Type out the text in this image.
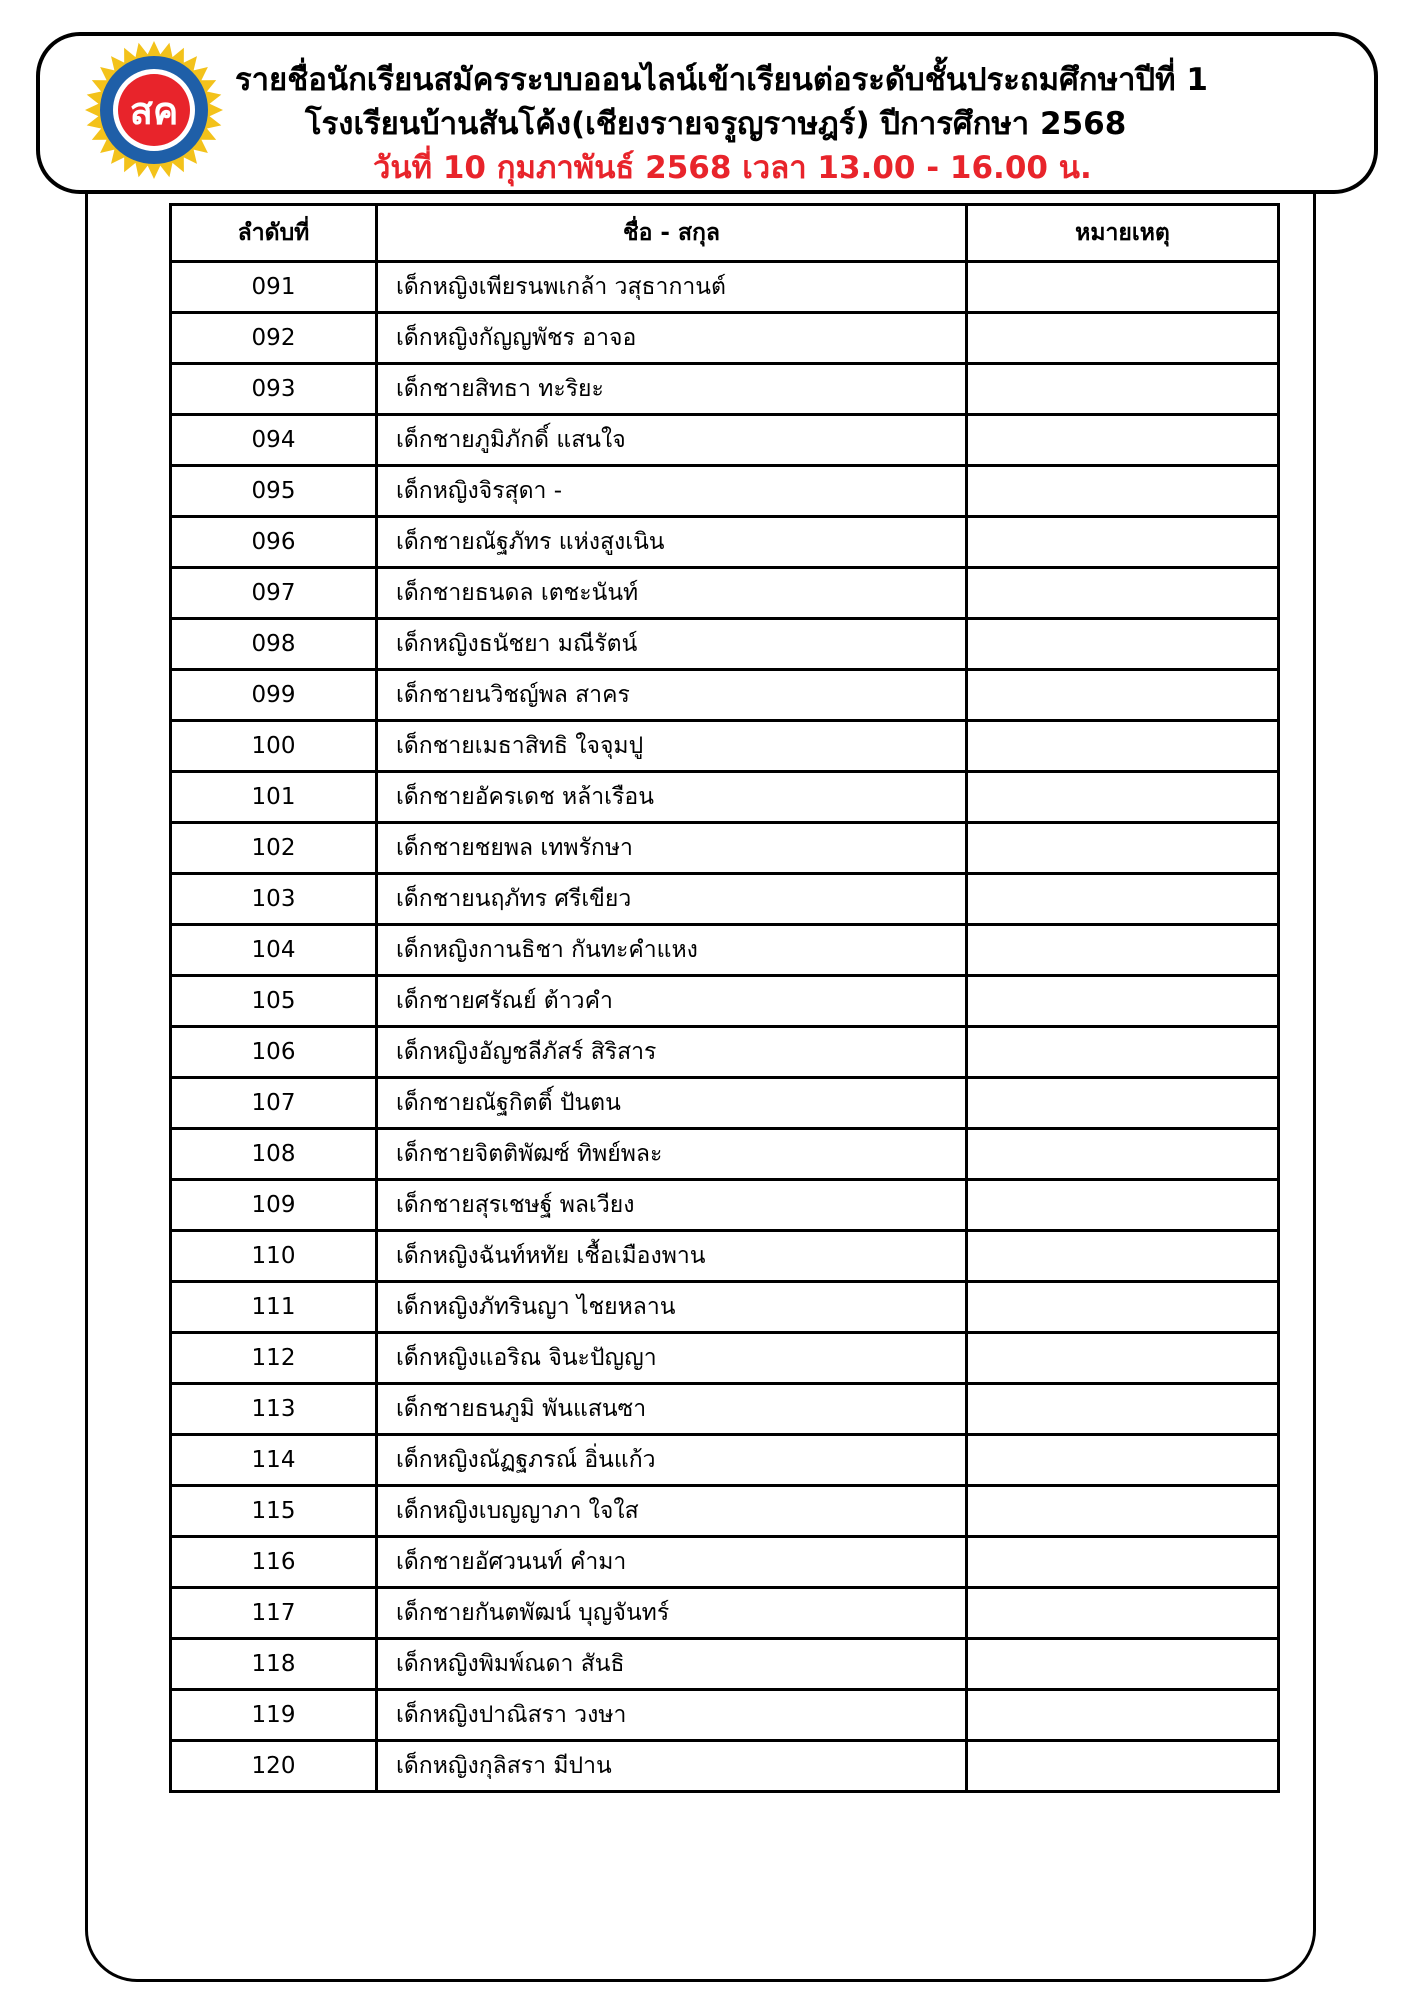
สค
รายชื่อนักเรียนสมัครระบบออนไลน์เข้าเรียนต่อระดับชั้นประถมศึกษาปีที่ 1
โรงเรียนบ้านสันโค้ง(เชียงรายจรูญราษฎร์) ปีการศึกษา 2568
วันที่ 10 กุมภาพันธ์ 2568 เวลา 13.00 - 16.00 น.
ลำดับที่	ชื่อ - สกุล	หมายเหตุ
091	เด็กหญิงเพียรนพเกล้า วสุธากานต์	
092	เด็กหญิงกัญญพัชร อาจอ	
093	เด็กชายสิทธา ทะริยะ	
094	เด็กชายภูมิภักดิ์ แสนใจ	
095	เด็กหญิงจิรสุดา -	
096	เด็กชายณัฐภัทร แห่งสูงเนิน	
097	เด็กชายธนดล เตชะนันท์	
098	เด็กหญิงธนัชยา มณีรัตน์	
099	เด็กชายนวิชญ์พล สาคร	
100	เด็กชายเมธาสิทธิ ใจจุมปู	
101	เด็กชายอัครเดช หล้าเรือน	
102	เด็กชายชยพล เทพรักษา	
103	เด็กชายนฤภัทร ศรีเขียว	
104	เด็กหญิงกานธิชา กันทะคำแหง	
105	เด็กชายศรัณย์ ต้าวคำ	
106	เด็กหญิงอัญชลีภัสร์ สิริสาร	
107	เด็กชายณัฐกิตติ์ ปันตน	
108	เด็กชายจิตติพัฒซ์ ทิพย์พละ	
109	เด็กชายสุรเชษฐ์ พลเวียง	
110	เด็กหญิงฉันท์หทัย เชื้อเมืองพาน	
111	เด็กหญิงภัทรินญา ไชยหลาน	
112	เด็กหญิงแอริณ จินะปัญญา	
113	เด็กชายธนภูมิ พันแสนซา	
114	เด็กหญิงณัฏฐภรณ์ อิ่นแก้ว	
115	เด็กหญิงเบญญาภา ใจใส	
116	เด็กชายอัศวนนท์ คำมา	
117	เด็กชายกันตพัฒน์ บุญจันทร์	
118	เด็กหญิงพิมพ์ณดา สันธิ	
119	เด็กหญิงปาณิสรา วงษา	
120	เด็กหญิงกุลิสรา มีปาน	
